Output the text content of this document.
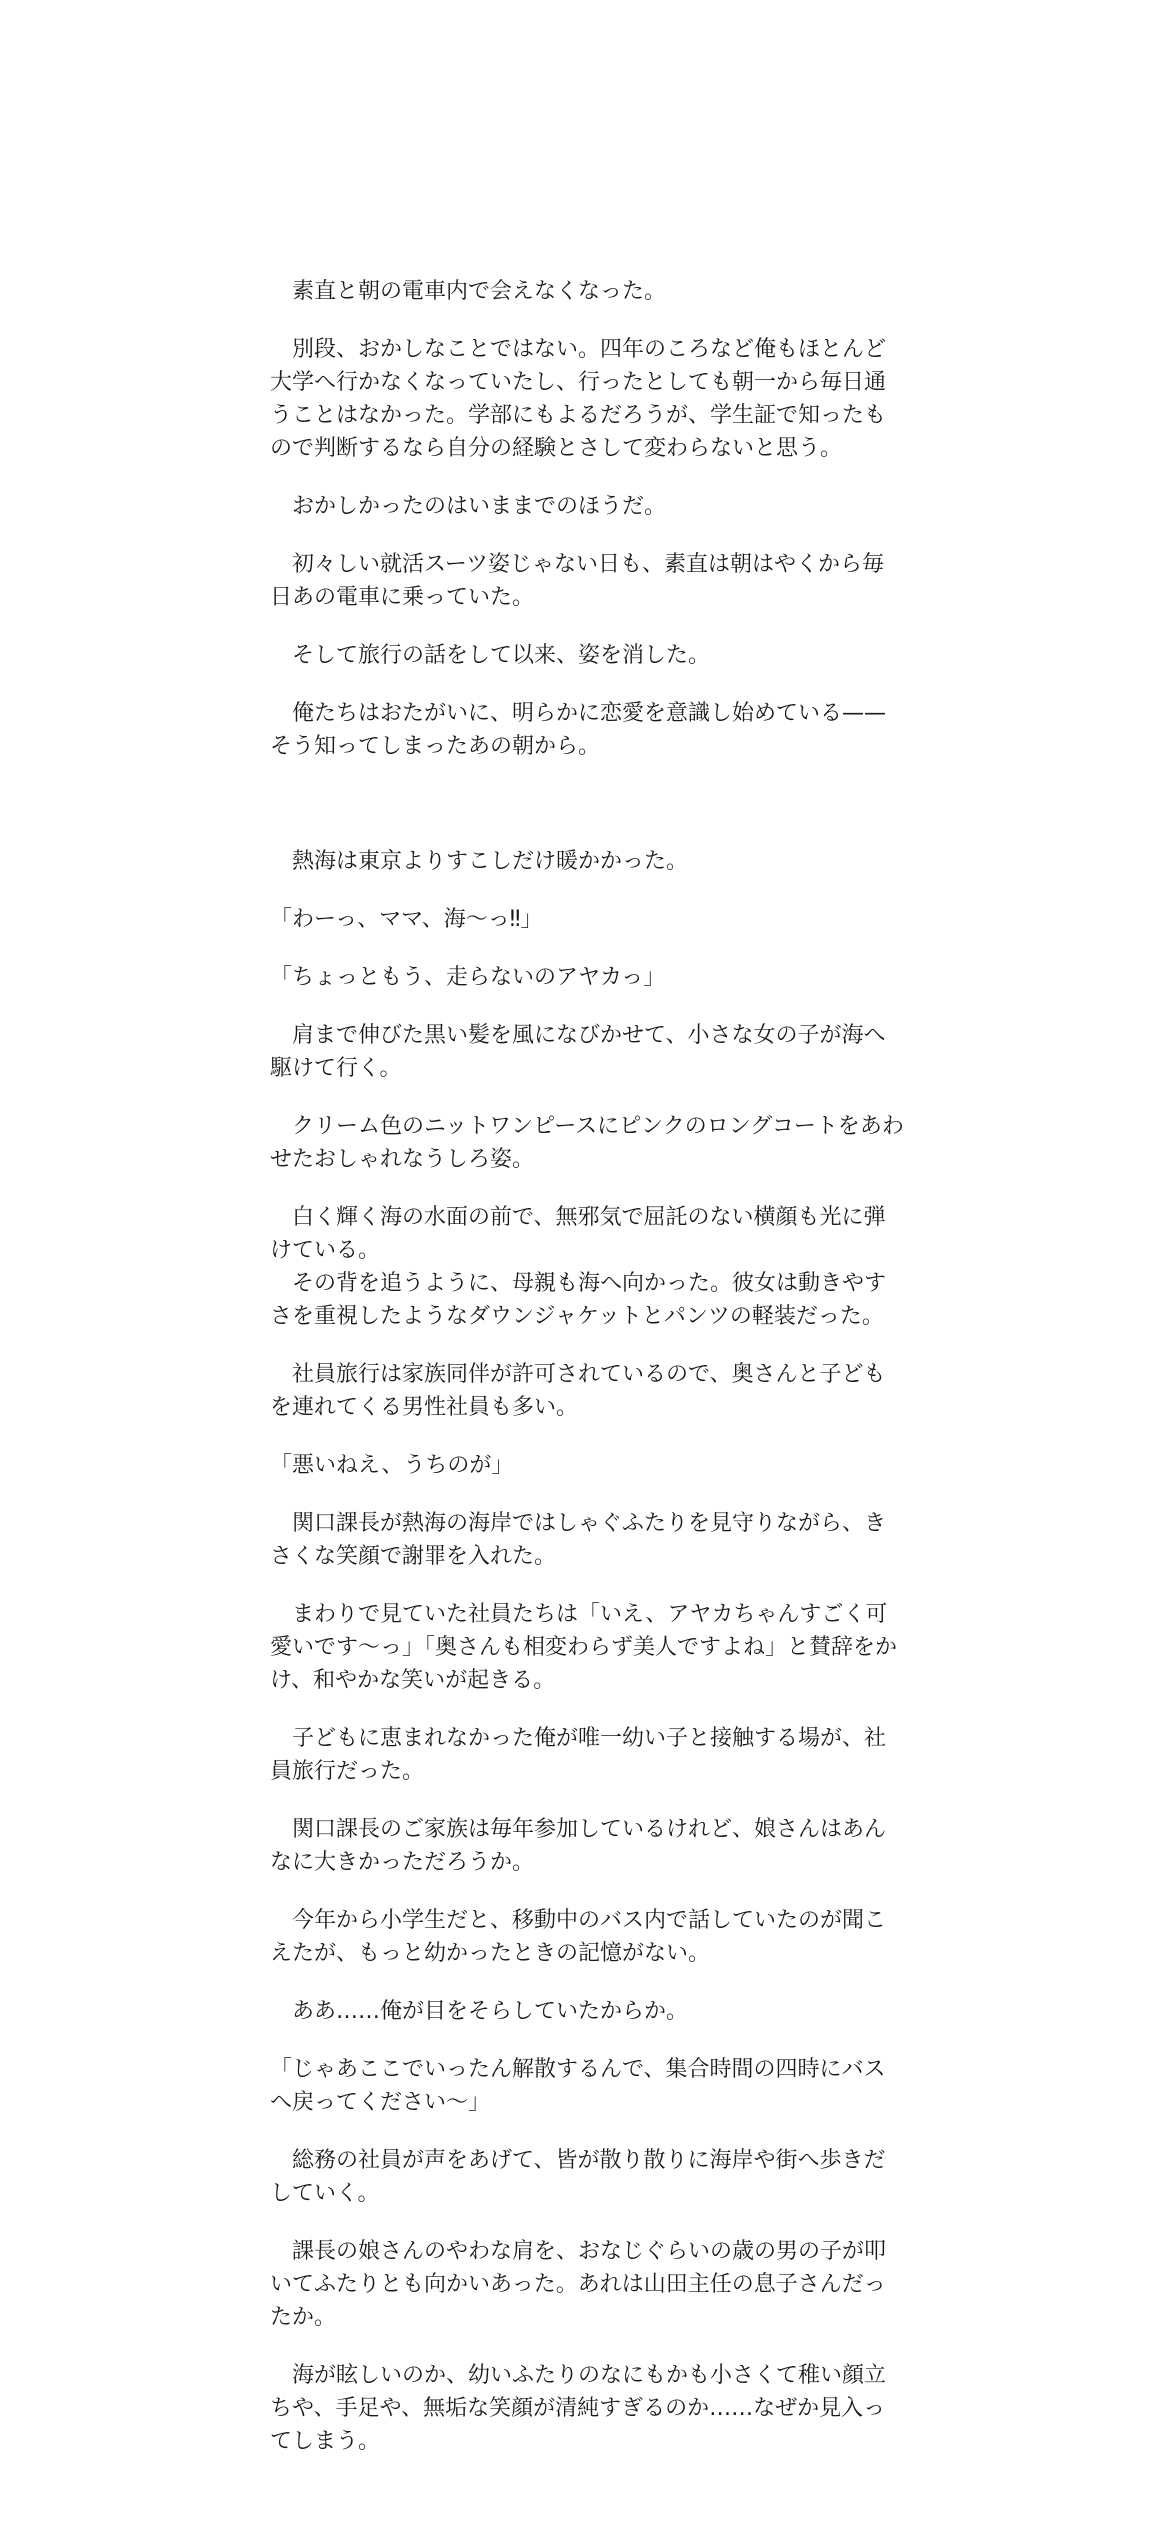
　素直と朝の電車内で会えなくなった。

　別段、おかしなことではない。四年のころなど俺もほとんど大学へ行かなくなっていたし、行ったとしても朝一から毎日通うことはなかった。学部にもよるだろうが、学生証で知ったもので判断するなら自分の経験とさして変わらないと思う。

　おかしかったのはいままでのほうだ。

　初々しい就活スーツ姿じゃない日も、素直は朝はやくから毎日あの電車に乗っていた。

　そして旅行の話をして以来、姿を消した。

　俺たちはおたがいに、明らかに恋愛を意識し始めている——そう知ってしまったあの朝から。

　熱海は東京よりすこしだけ暖かかった。

「わーっ、ママ、海〜っ‼」

「ちょっともう、走らないのアヤカっ」

　肩まで伸びた黒い髪を風になびかせて、小さな女の子が海へ駆けて行く。

　クリーム色のニットワンピースにピンクのロングコートをあわせたおしゃれなうしろ姿。

　白く輝く海の水面の前で、無邪気で屈託のない横顔も光に弾けている。

　その背を追うように、母親も海へ向かった。彼女は動きやすさを重視したようなダウンジャケットとパンツの軽装だった。

　社員旅行は家族同伴が許可されているので、奥さんと子どもを連れてくる男性社員も多い。

「悪いねえ、うちのが」

　関口課長が熱海の海岸ではしゃぐふたりを見守りながら、きさくな笑顔で謝罪を入れた。

　まわりで見ていた社員たちは「いえ、アヤカちゃんすごく可愛いです〜っ」「奥さんも相変わらず美人ですよね」と賛辞をかけ、和やかな笑いが起きる。

　子どもに恵まれなかった俺が唯一幼い子と接触する場が、社員旅行だった。

　関口課長のご家族は毎年参加しているけれど、娘さんはあんなに大きかっただろうか。

　今年から小学生だと、移動中のバス内で話していたのが聞こえたが、もっと幼かったときの記憶がない。

　ああ……俺が目をそらしていたからか。

「じゃあここでいったん解散するんで、集合時間の四時にバスへ戻ってください〜」

　総務の社員が声をあげて、皆が散り散りに海岸や街へ歩きだしていく。

　課長の娘さんのやわな肩を、おなじぐらいの歳の男の子が叩いてふたりとも向かいあった。あれは山田主任の息子さんだったか。

　海が眩しいのか、幼いふたりのなにもかも小さくて稚い顔立ちや、手足や、無垢な笑顔が清純すぎるのか……なぜか見入ってしまう。
